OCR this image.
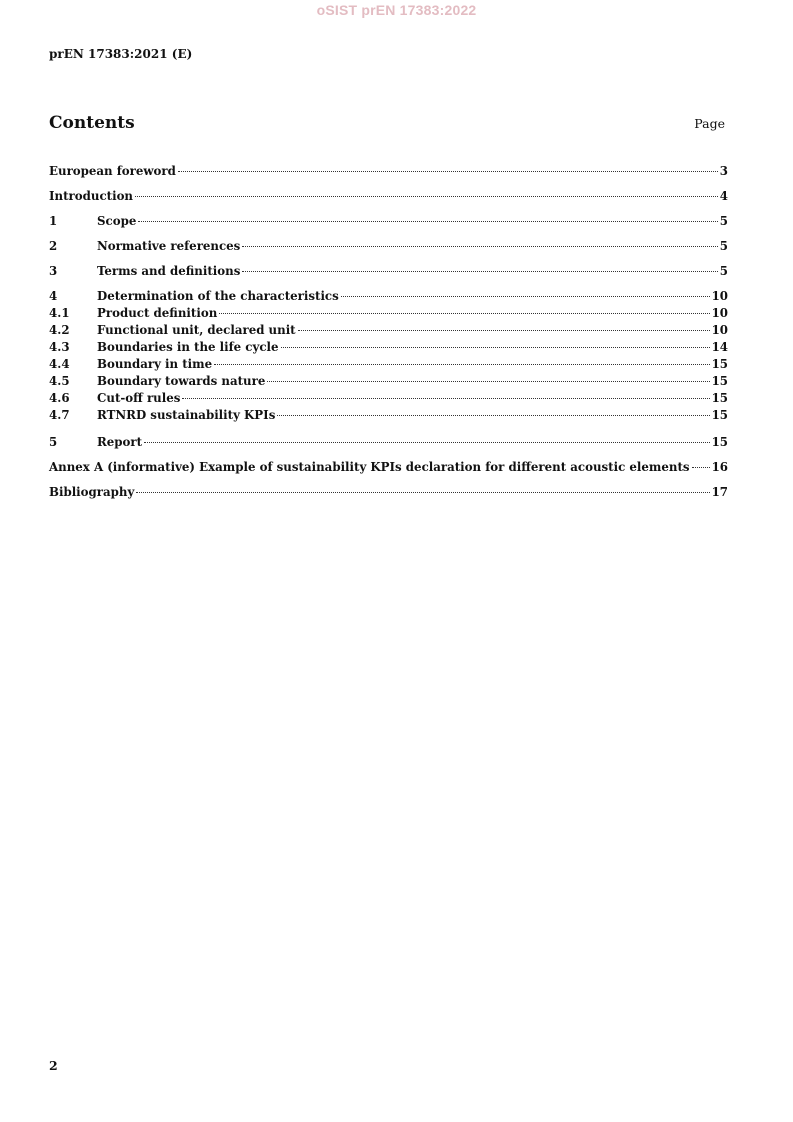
oSIST prEN 17383:2022
prEN 17383:2021 (E)
Contents	Page
European foreword	3
Introduction	4
1	Scope	5
2	Normative references	5
3	Terms and definitions	5
4	Determination of the characteristics	10
4.1	Product definition	10
4.2	Functional unit, declared unit	10
4.3	Boundaries in the life cycle	14
4.4	Boundary in time	15
4.5	Boundary towards nature	15
4.6	Cut-off rules	15
4.7	RTNRD sustainability KPIs	15
5	Report	15
Annex A (informative) Example of sustainability KPIs declaration for different acoustic elements 16
Bibliography	17
2
